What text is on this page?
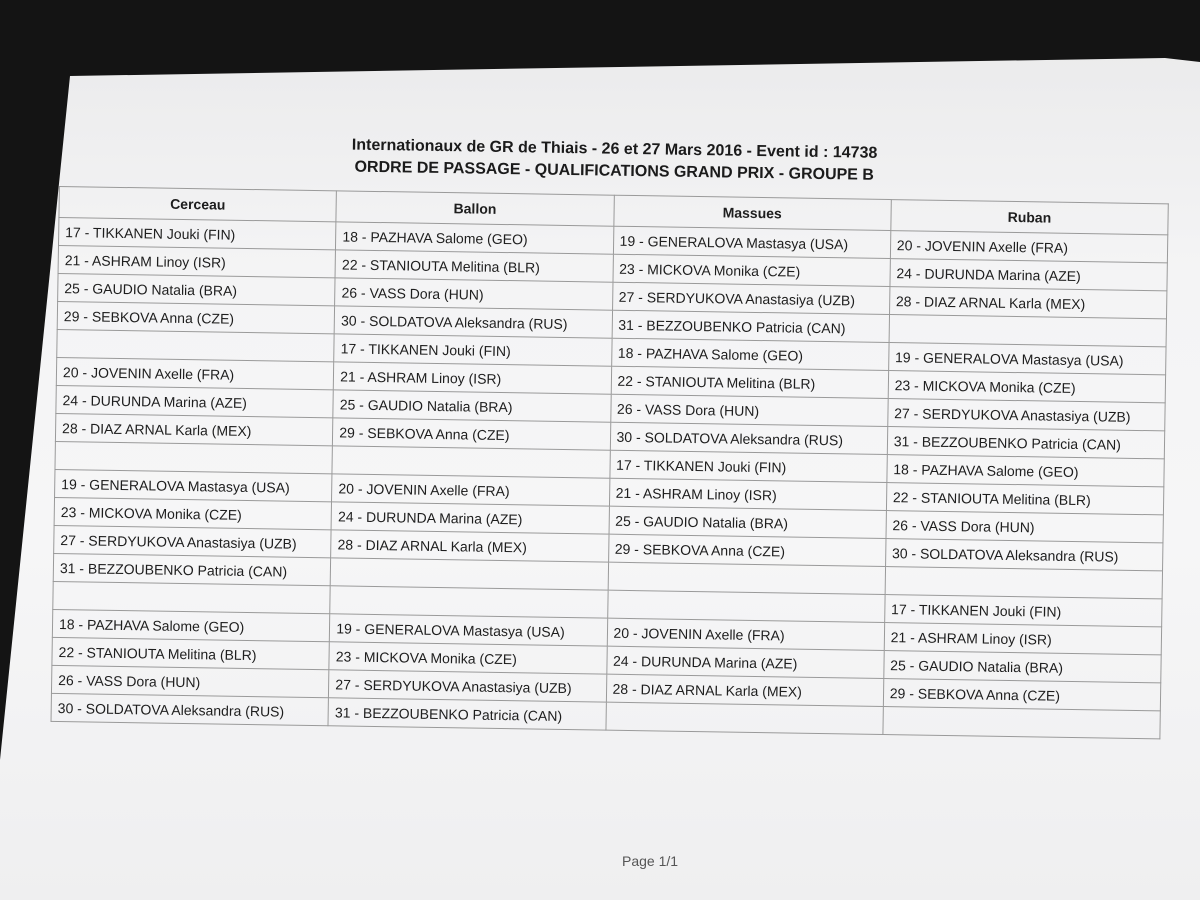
Internationaux de GR de Thiais - 26 et 27 Mars 2016 - Event id : 14738
ORDRE DE PASSAGE - QUALIFICATIONS GRAND PRIX - GROUPE B
Cerceau	Ballon	Massues	Ruban
17 - TIKKANEN Jouki (FIN)	18 - PAZHAVA Salome (GEO)	19 - GENERALOVA Mastasya (USA)	20 - JOVENIN Axelle (FRA)
21 - ASHRAM Linoy (ISR)	22 - STANIOUTA Melitina (BLR)	23 - MICKOVA Monika (CZE)	24 - DURUNDA Marina (AZE)
25 - GAUDIO Natalia (BRA)	26 - VASS Dora (HUN)	27 - SERDYUKOVA Anastasiya (UZB)	28 - DIAZ ARNAL Karla (MEX)
29 - SEBKOVA Anna (CZE)	30 - SOLDATOVA Aleksandra (RUS)	31 - BEZZOUBENKO Patricia (CAN)	
	17 - TIKKANEN Jouki (FIN)	18 - PAZHAVA Salome (GEO)	19 - GENERALOVA Mastasya (USA)
20 - JOVENIN Axelle (FRA)	21 - ASHRAM Linoy (ISR)	22 - STANIOUTA Melitina (BLR)	23 - MICKOVA Monika (CZE)
24 - DURUNDA Marina (AZE)	25 - GAUDIO Natalia (BRA)	26 - VASS Dora (HUN)	27 - SERDYUKOVA Anastasiya (UZB)
28 - DIAZ ARNAL Karla (MEX)	29 - SEBKOVA Anna (CZE)	30 - SOLDATOVA Aleksandra (RUS)	31 - BEZZOUBENKO Patricia (CAN)
		17 - TIKKANEN Jouki (FIN)	18 - PAZHAVA Salome (GEO)
19 - GENERALOVA Mastasya (USA)	20 - JOVENIN Axelle (FRA)	21 - ASHRAM Linoy (ISR)	22 - STANIOUTA Melitina (BLR)
23 - MICKOVA Monika (CZE)	24 - DURUNDA Marina (AZE)	25 - GAUDIO Natalia (BRA)	26 - VASS Dora (HUN)
27 - SERDYUKOVA Anastasiya (UZB)	28 - DIAZ ARNAL Karla (MEX)	29 - SEBKOVA Anna (CZE)	30 - SOLDATOVA Aleksandra (RUS)
31 - BEZZOUBENKO Patricia (CAN)			
			17 - TIKKANEN Jouki (FIN)
18 - PAZHAVA Salome (GEO)	19 - GENERALOVA Mastasya (USA)	20 - JOVENIN Axelle (FRA)	21 - ASHRAM Linoy (ISR)
22 - STANIOUTA Melitina (BLR)	23 - MICKOVA Monika (CZE)	24 - DURUNDA Marina (AZE)	25 - GAUDIO Natalia (BRA)
26 - VASS Dora (HUN)	27 - SERDYUKOVA Anastasiya (UZB)	28 - DIAZ ARNAL Karla (MEX)	29 - SEBKOVA Anna (CZE)
30 - SOLDATOVA Aleksandra (RUS)	31 - BEZZOUBENKO Patricia (CAN)		
Page 1/1
